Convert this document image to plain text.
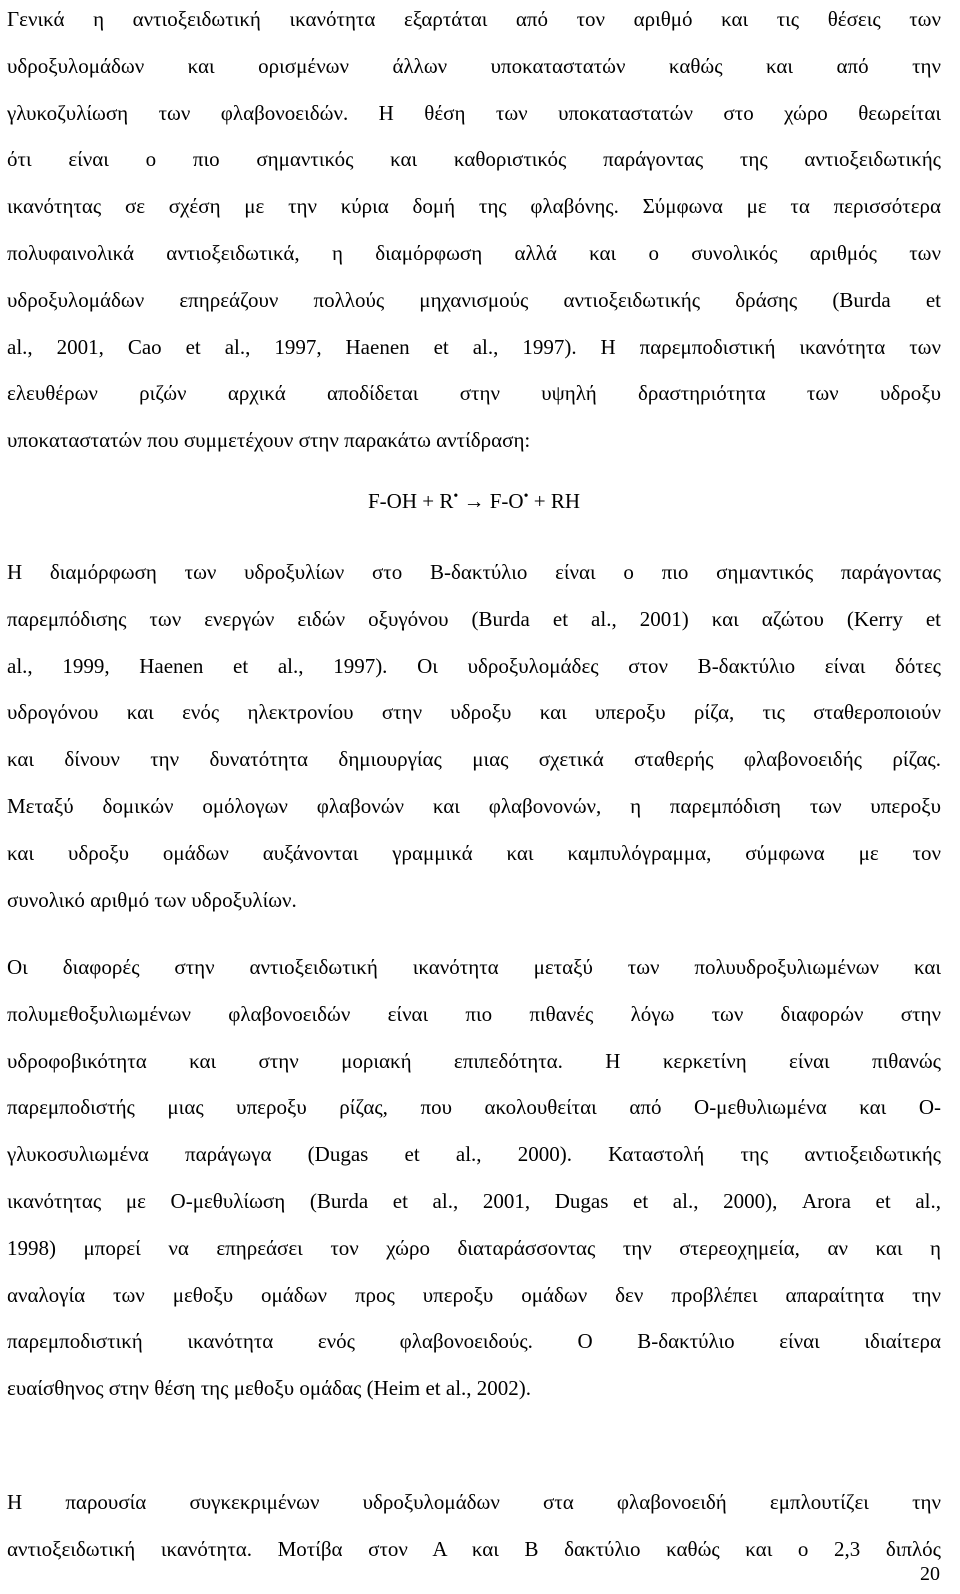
Γενικά η αντιοξειδωτική ικανότητα εξαρτάται από τον αριθμό και τις θέσεις των
υδροξυλομάδων και ορισμένων άλλων υποκαταστατών καθώς και από την
γλυκοζυλίωση των φλαβονοειδών. Η θέση των υποκαταστατών στο χώρο θεωρείται
ότι είναι ο πιο σημαντικός και καθοριστικός παράγοντας της αντιοξειδωτικής
ικανότητας σε σχέση με την κύρια δομή της φλαβόνης. Σύμφωνα με τα περισσότερα
πολυφαινολικά αντιοξειδωτικά, η διαμόρφωση αλλά και ο συνολικός αριθμός των
υδροξυλομάδων επηρεάζουν πολλούς μηχανισμούς αντιοξειδωτικής δράσης (Burda et
al., 2001, Cao et al., 1997, Haenen et al., 1997). Η παρεμποδιστική ικανότητα των
ελευθέρων ριζών αρχικά αποδίδεται στην υψηλή δραστηριότητα των υδροξυ
υποκαταστατών που συμμετέχουν στην παρακάτω αντίδραση:

F-OH + R• → F-O• + RH

Η διαμόρφωση των υδροξυλίων στο Β-δακτύλιο είναι ο πιο σημαντικός παράγοντας
παρεμπόδισης των ενεργών ειδών οξυγόνου (Burda et al., 2001) και αζώτου (Kerry et
al., 1999, Haenen et al., 1997). Οι υδροξυλομάδες στον Β-δακτύλιο είναι δότες
υδρογόνου και ενός ηλεκτρονίου στην υδροξυ και υπεροξυ ρίζα, τις σταθεροποιούν
και δίνουν την δυνατότητα δημιουργίας μιας σχετικά σταθερής φλαβονοειδής ρίζας.
Μεταξύ δομικών ομόλογων φλαβονών και φλαβονονών, η παρεμπόδιση των υπεροξυ
και υδροξυ ομάδων αυξάνονται γραμμικά και καμπυλόγραμμα, σύμφωνα με τον
συνολικό αριθμό των υδροξυλίων.

Οι διαφορές στην αντιοξειδωτική ικανότητα μεταξύ των πολυυδροξυλιωμένων και
πολυμεθοξυλιωμένων φλαβονοειδών είναι πιο πιθανές λόγω των διαφορών στην
υδροφοβικότητα και στην μοριακή επιπεδότητα. Η κερκετίνη είναι πιθανώς
παρεμποδιστής μιας υπεροξυ ρίζας, που ακολουθείται από Ο-μεθυλιωμένα και Ο-
γλυκοσυλιωμένα παράγωγα (Dugas et al., 2000). Καταστολή της αντιοξειδωτικής
ικανότητας με Ο-μεθυλίωση (Burda et al., 2001, Dugas et al., 2000), Arora et al.,
1998) μπορεί να επηρεάσει τον χώρο διαταράσσοντας την στερεοχημεία, αν και η
αναλογία των μεθοξυ ομάδων προς υπεροξυ ομάδων δεν προβλέπει απαραίτητα την
παρεμποδιστική ικανότητα ενός φλαβονοειδούς. Ο Β-δακτύλιο είναι ιδιαίτερα
ευαίσθηνος στην θέση της μεθοξυ ομάδας (Heim et al., 2002).

Η παρουσία συγκεκριμένων υδροξυλομάδων στα φλαβονοειδή εμπλουτίζει την
αντιοξειδωτική ικανότητα. Μοτίβα στον Α και Β δακτύλιο καθώς και ο 2,3 διπλός

20
